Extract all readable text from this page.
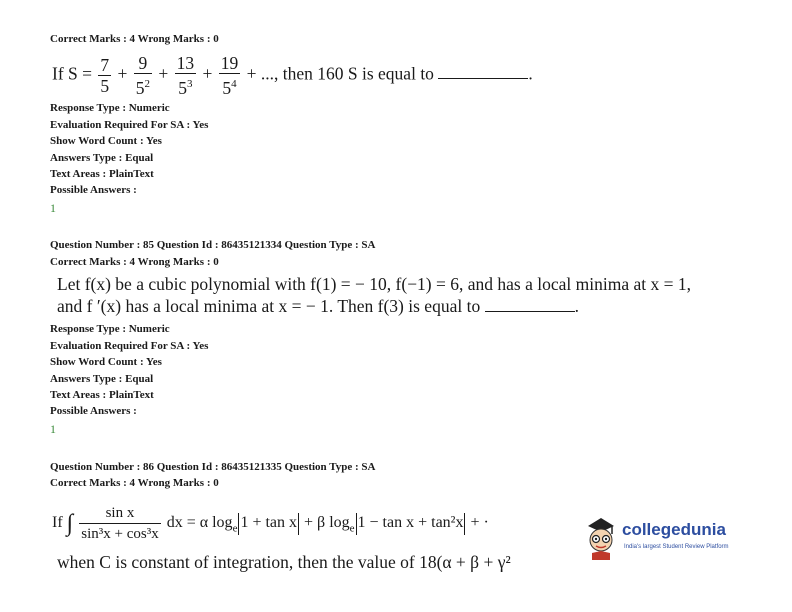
Correct Marks : 4 Wrong Marks : 0
If $S = \frac{7}{5} + \frac{9}{5^2} + \frac{13}{5^3} + \frac{19}{5^4}$ + ..., then 160 S is equal to	.
Response Type : Numeric
Evaluation Required For SA : Yes
Show Word Count : Yes
Answers Type : Equal
Text Areas : PlainText
Possible Answers :
1
Question Number : 85 Question Id : 86435121334 Question Type : SA
Correct Marks : 4 Wrong Marks : 0
Let f(x) be a cubic polynomial with f(1) = − 10, f(−1) = 6, and has a local minima at x = 1,
and f ′(x) has a local minima at x = − 1. Then f(3) is equal to	.
Response Type : Numeric
Evaluation Required For SA : Yes
Show Word Count : Yes
Answers Type : Equal
Text Areas : PlainText
Possible Answers :
1
Question Number : 86 Question Id : 86435121335 Question Type : SA
Correct Marks : 4 Wrong Marks : 0
If ∫ $\frac{\text{sin x}}{\text{sin³x + cos³x}}$ dx = α $\log_e 1 + \tan x + \beta$ $\log_e 1 - \tan x + \tan^2x$ + ·
when C is constant of integration, then the value of 18(α + β + γ²
collegedunia
India's largest Student Review Platform
